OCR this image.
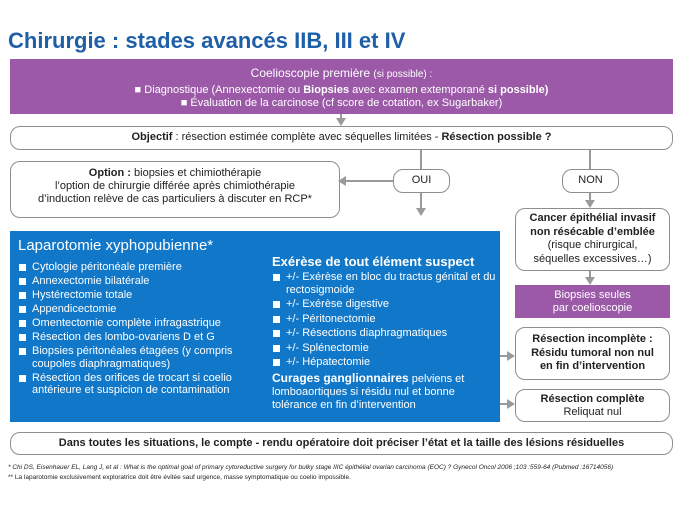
Chirurgie : stades avancés IIB, III et IV
Coelioscopie première (si possible) :
■ Diagnostique (Annexectomie ou Biopsies avec examen extemporané si possible)
■ Évaluation de la carcinose (cf score de cotation, ex Sugarbaker)
Objectif : résection estimée complète avec séquelles limitées - Résection possible ?
Option : biopsies et chimiothérapie
l’option de chirurgie différée après chimiothérapie
d’induction relève de cas particuliers à discuter en RCP*
OUI	NON
Cancer épithélial invasif
non résécable d’emblée
(risque chirurgical,
séquelles excessives…)
Biopsies seules
par coelioscopie
Laparotomie xyphopubienne*
Cytologie péritonéale première
Annexectomie bilatérale
Hystérectomie totale
Appendicectomie
Omentectomie complète infragastrique
Résection des lombo-ovariens D et G
Biopsies péritonéales étagées (y compris coupoles diaphragmatiques)
Résection des orifices de trocart si coelio antérieure et suspicion de contamination
Exérèse de tout élément suspect
+/- Exérèse en bloc du tractus génital et du rectosigmoide
+/- Exérèse digestive
+/- Péritonectomie
+/- Résections diaphragmatiques
+/- Splénectomie
+/- Hépatectomie
Curages ganglionnaires pelviens et lomboaortiques si résidu nul et bonne tolérance en fin d’intervention
Résection incomplète :
Résidu tumoral non nul
en fin d’intervention
Résection complète
Reliquat nul
Dans toutes les situations, le compte - rendu opératoire doit préciser l’état et la taille des lésions résiduelles
* Chi DS, Eisenhauer EL, Lang J, et al : What is the optimal goal of primary cytoreductive surgery for bulky stage IIIC épithélial ovarian carcinoma (EOC) ? Gynecol Oncol 2006 ;103 :559-64 (Pubmed :16714056)
** La laparotomie exclusivement exploratrice doit être évitée sauf urgence, masse symptomatique ou coelio impossible.
